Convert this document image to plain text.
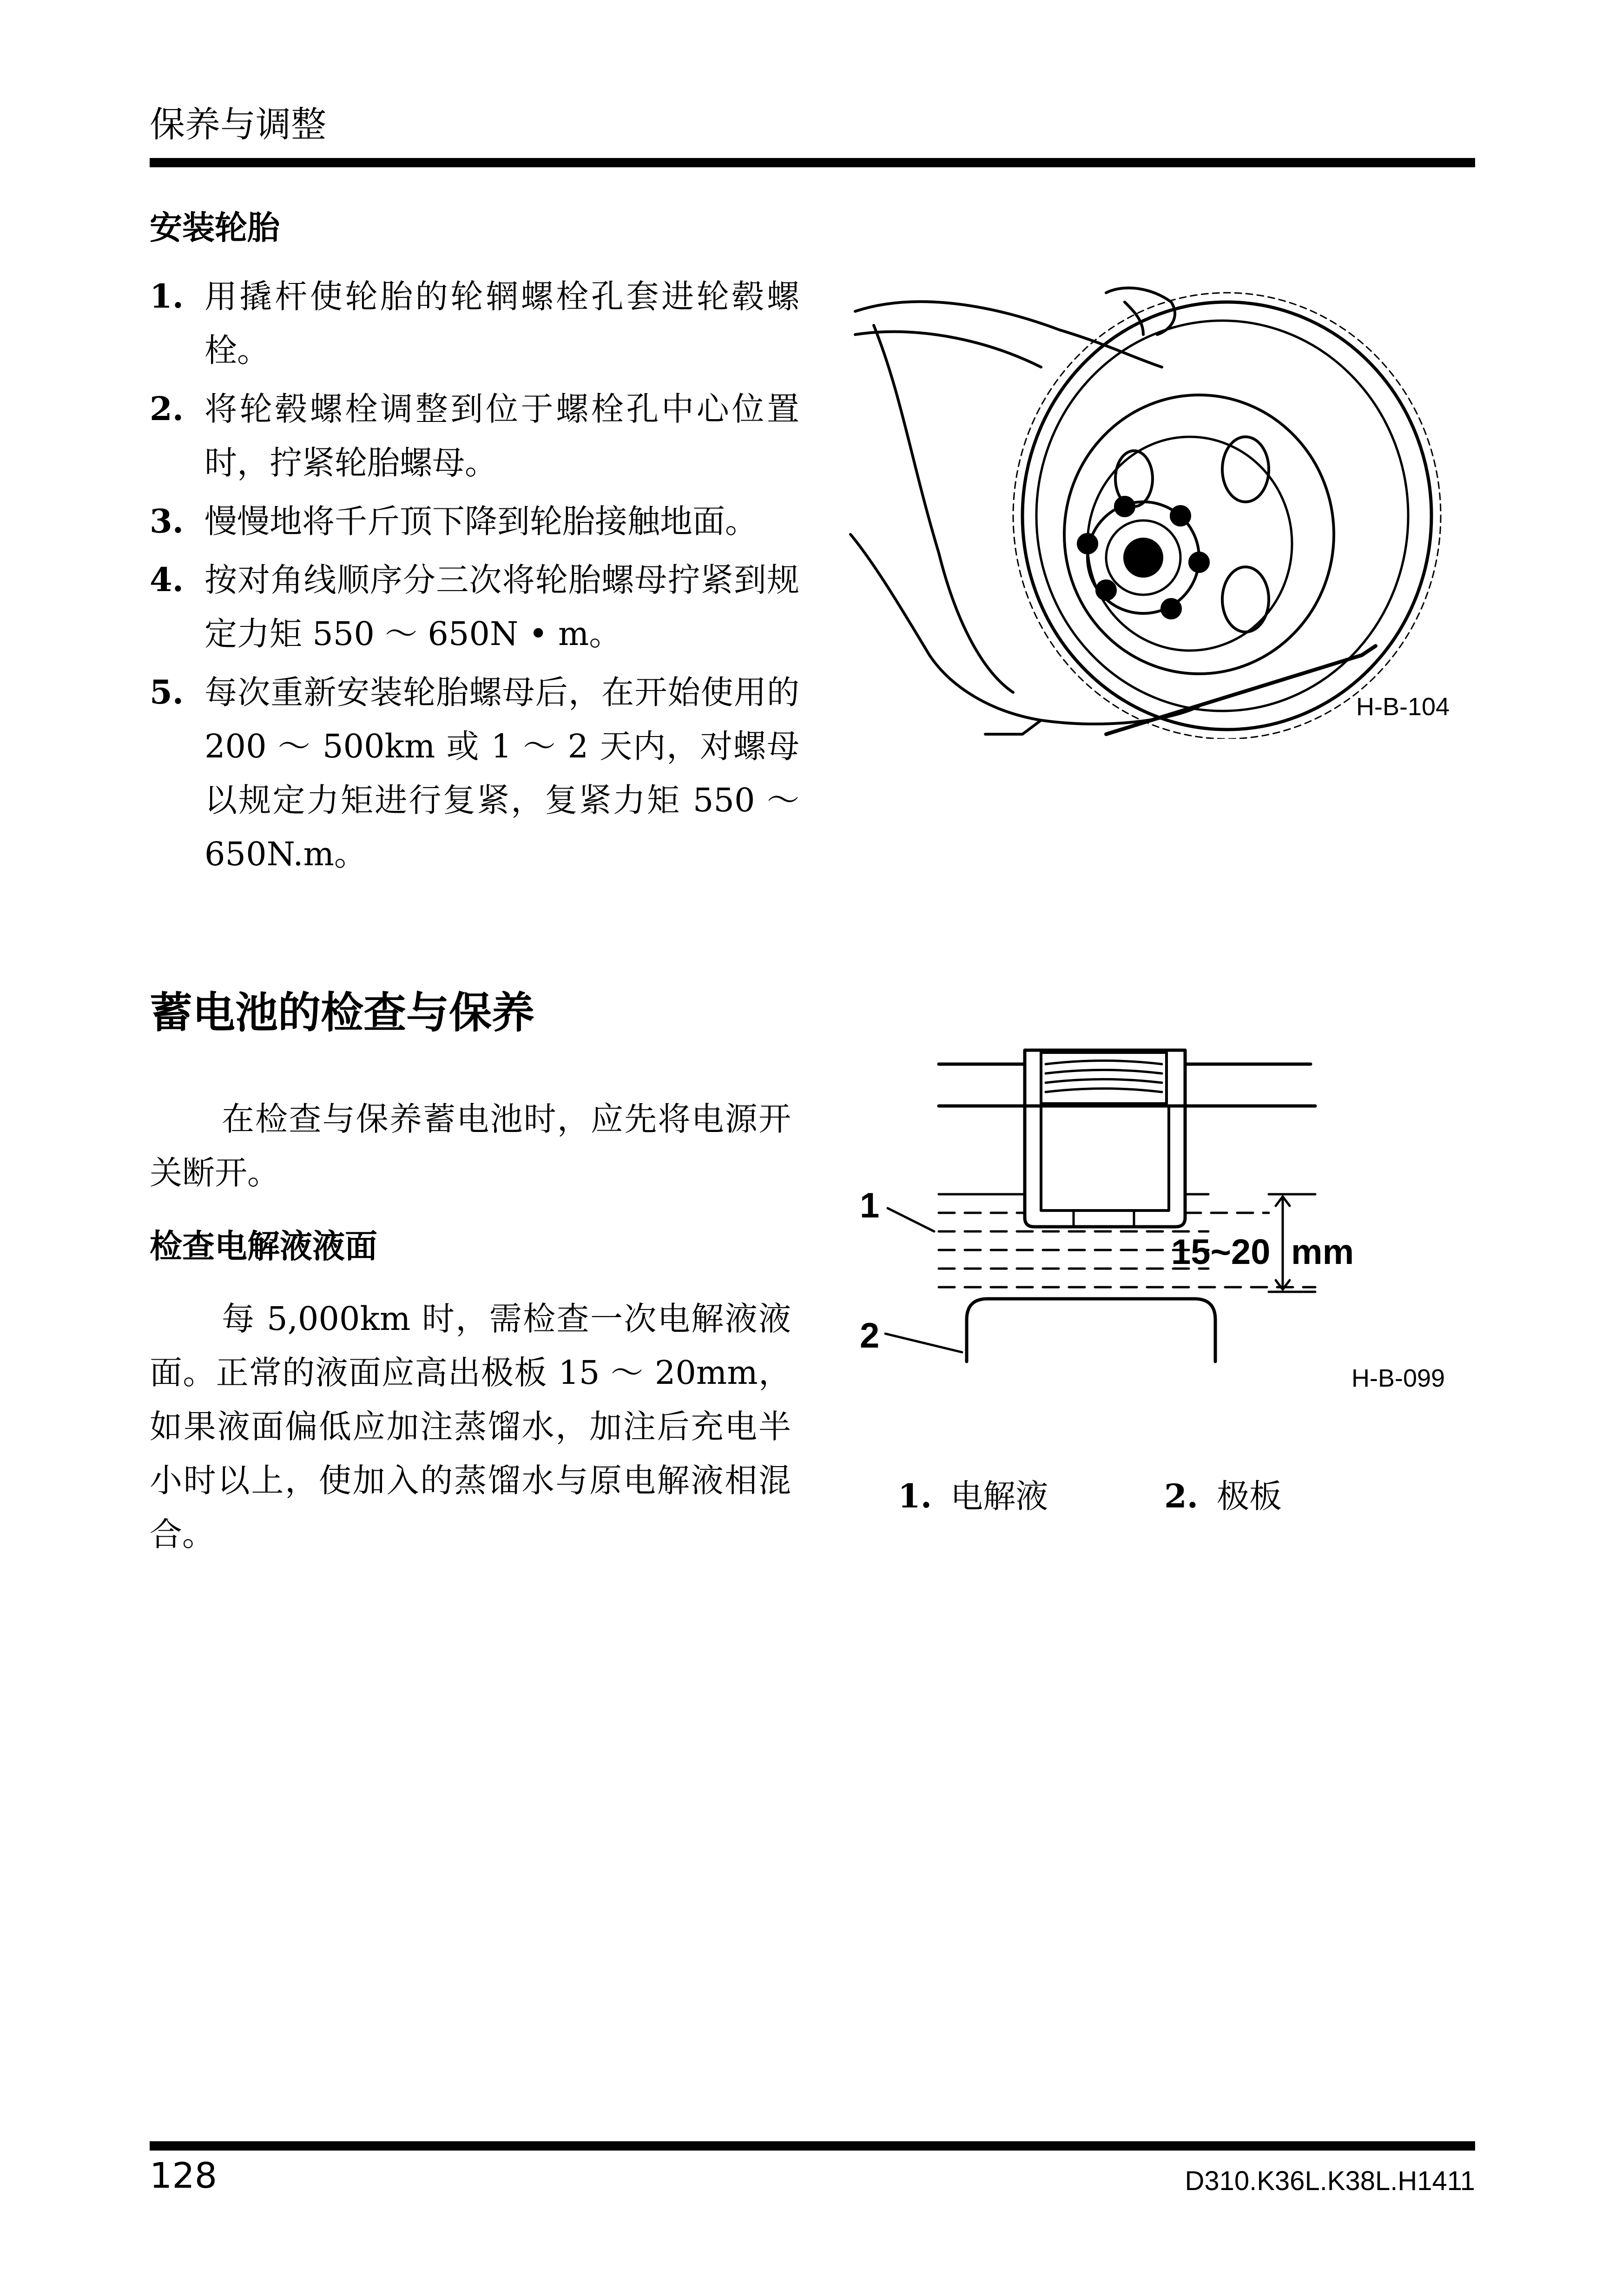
保养与调整
安装轮胎
1. 用撬杆使轮胎的轮辋螺栓孔套进轮毂螺栓。
2. 将轮毂螺栓调整到位于螺栓孔中心位置时，拧紧轮胎螺母。
3. 慢慢地将千斤顶下降到轮胎接触地面。
4. 按对角线顺序分三次将轮胎螺母拧紧到规定力矩 550 ～ 650N • m。
5. 每次重新安装轮胎螺母后，在开始使用的 200 ～ 500km 或 1 ～ 2 天内，对螺母以规定力矩进行复紧，复紧力矩 550 ～ 650N.m。
H-B-104
蓄电池的检查与保养
在检查与保养蓄电池时，应先将电源开关断开。
检查电解液液面
每 5,000km 时，需检查一次电解液液面。正常的液面应高出极板 15 ～ 20mm，如果液面偏低应加注蒸馏水，加注后充电半小时以上，使加入的蒸馏水与原电解液相混合。
1
2
15~20 mm
H-B-099
1. 电解液	2. 极板
128	D310.K36L.K38L.H1411
